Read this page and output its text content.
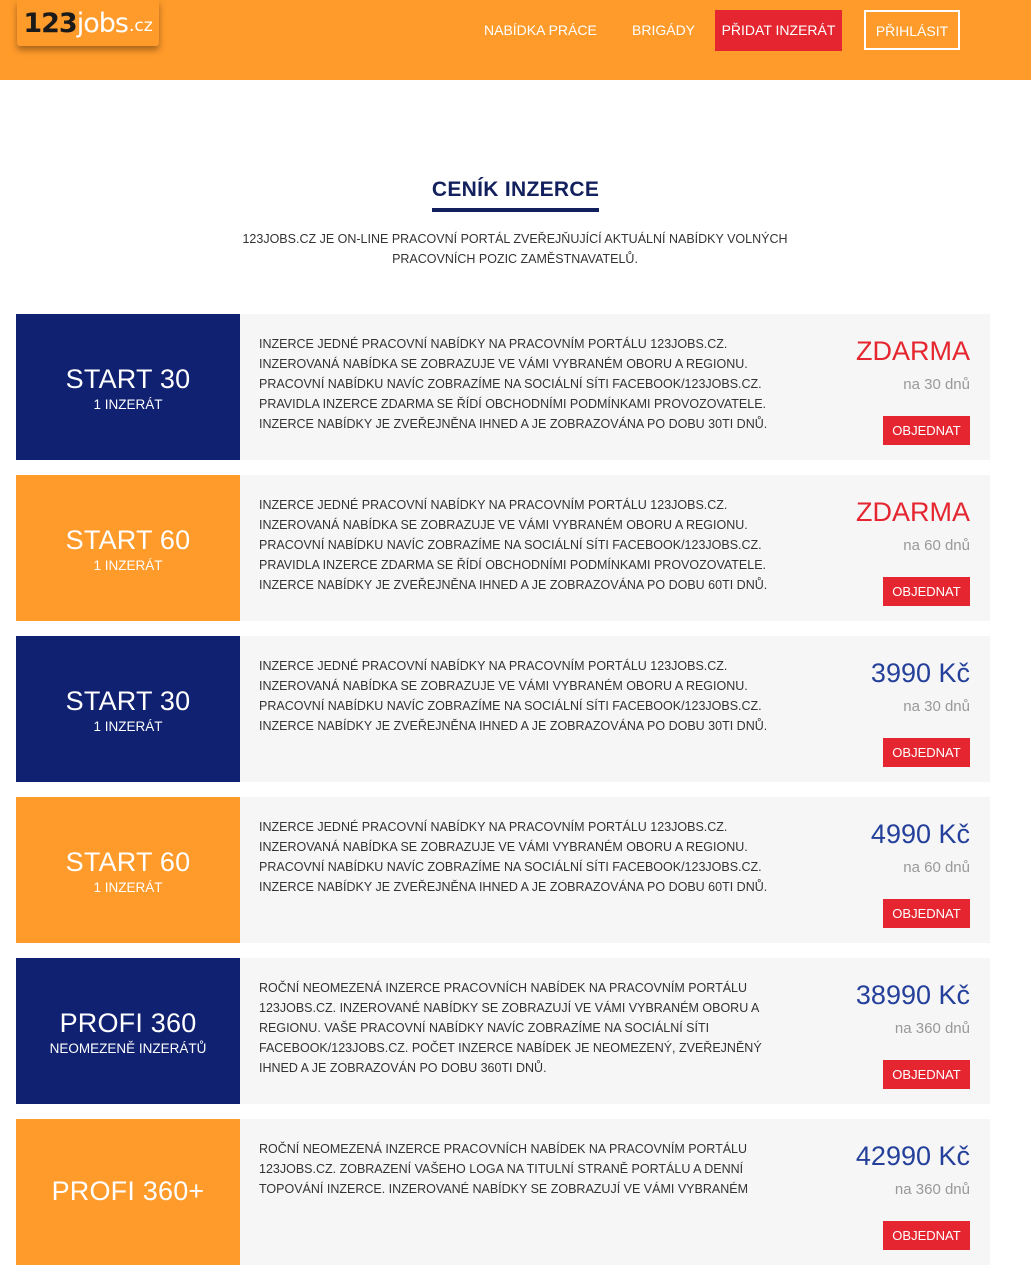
123 jobs .cz	NABÍDKA PRÁCE	BRIGÁDY	PŘIDAT INZERÁT	PŘIHLÁSIT
CENÍK INZERCE

123JOBS.CZ JE ON-LINE PRACOVNÍ PORTÁL ZVEŘEJŇUJÍCÍ AKTUÁLNÍ NABÍDKY VOLNÝCH PRACOVNÍCH POZIC ZAMĚSTNAVATELŮ.

START 30
1 INZERÁT
INZERCE JEDNÉ PRACOVNÍ NABÍDKY NA PRACOVNÍM PORTÁLU 123JOBS.CZ. INZEROVANÁ NABÍDKA SE ZOBRAZUJE VE VÁMI VYBRANÉM OBORU A REGIONU. PRACOVNÍ NABÍDKU NAVÍC ZOBRAZÍME NA SOCIÁLNÍ SÍTI FACEBOOK/123JOBS.CZ. PRAVIDLA INZERCE ZDARMA SE ŘÍDÍ OBCHODNÍMI PODMÍNKAMI PROVOZOVATELE. INZERCE NABÍDKY JE ZVEŘEJNĚNA IHNED A JE ZOBRAZOVÁNA PO DOBU 30TI DNŮ.
ZDARMA
na 30 dnů
OBJEDNAT
START 60
1 INZERÁT
INZERCE JEDNÉ PRACOVNÍ NABÍDKY NA PRACOVNÍM PORTÁLU 123JOBS.CZ. INZEROVANÁ NABÍDKA SE ZOBRAZUJE VE VÁMI VYBRANÉM OBORU A REGIONU. PRACOVNÍ NABÍDKU NAVÍC ZOBRAZÍME NA SOCIÁLNÍ SÍTI FACEBOOK/123JOBS.CZ. PRAVIDLA INZERCE ZDARMA SE ŘÍDÍ OBCHODNÍMI PODMÍNKAMI PROVOZOVATELE. INZERCE NABÍDKY JE ZVEŘEJNĚNA IHNED A JE ZOBRAZOVÁNA PO DOBU 60TI DNŮ.
ZDARMA
na 60 dnů
OBJEDNAT
START 30
1 INZERÁT
INZERCE JEDNÉ PRACOVNÍ NABÍDKY NA PRACOVNÍM PORTÁLU 123JOBS.CZ. INZEROVANÁ NABÍDKA SE ZOBRAZUJE VE VÁMI VYBRANÉM OBORU A REGIONU. PRACOVNÍ NABÍDKU NAVÍC ZOBRAZÍME NA SOCIÁLNÍ SÍTI FACEBOOK/123JOBS.CZ. INZERCE NABÍDKY JE ZVEŘEJNĚNA IHNED A JE ZOBRAZOVÁNA PO DOBU 30TI DNŮ.
3990 Kč
na 30 dnů
OBJEDNAT
START 60
1 INZERÁT
INZERCE JEDNÉ PRACOVNÍ NABÍDKY NA PRACOVNÍM PORTÁLU 123JOBS.CZ. INZEROVANÁ NABÍDKA SE ZOBRAZUJE VE VÁMI VYBRANÉM OBORU A REGIONU. PRACOVNÍ NABÍDKU NAVÍC ZOBRAZÍME NA SOCIÁLNÍ SÍTI FACEBOOK/123JOBS.CZ. INZERCE NABÍDKY JE ZVEŘEJNĚNA IHNED A JE ZOBRAZOVÁNA PO DOBU 60TI DNŮ.
4990 Kč
na 60 dnů
OBJEDNAT
PROFI 360
NEOMEZENĚ INZERÁTŮ
ROČNÍ NEOMEZENÁ INZERCE PRACOVNÍCH NABÍDEK NA PRACOVNÍM PORTÁLU 123JOBS.CZ. INZEROVANÉ NABÍDKY SE ZOBRAZUJÍ VE VÁMI VYBRANÉM OBORU A REGIONU. VAŠE PRACOVNÍ NABÍDKY NAVÍC ZOBRAZÍME NA SOCIÁLNÍ SÍTI FACEBOOK/123JOBS.CZ. POČET INZERCE NABÍDEK JE NEOMEZENÝ, ZVEŘEJNĚNÝ IHNED A JE ZOBRAZOVÁN PO DOBU 360TI DNŮ.
38990 Kč
na 360 dnů
OBJEDNAT
PROFI 360+
ROČNÍ NEOMEZENÁ INZERCE PRACOVNÍCH NABÍDEK NA PRACOVNÍM PORTÁLU 123JOBS.CZ. ZOBRAZENÍ VAŠEHO LOGA NA TITULNÍ STRANĚ PORTÁLU A DENNÍ TOPOVÁNÍ INZERCE. INZEROVANÉ NABÍDKY SE ZOBRAZUJÍ VE VÁMI VYBRANÉM
42990 Kč
na 360 dnů
OBJEDNAT
